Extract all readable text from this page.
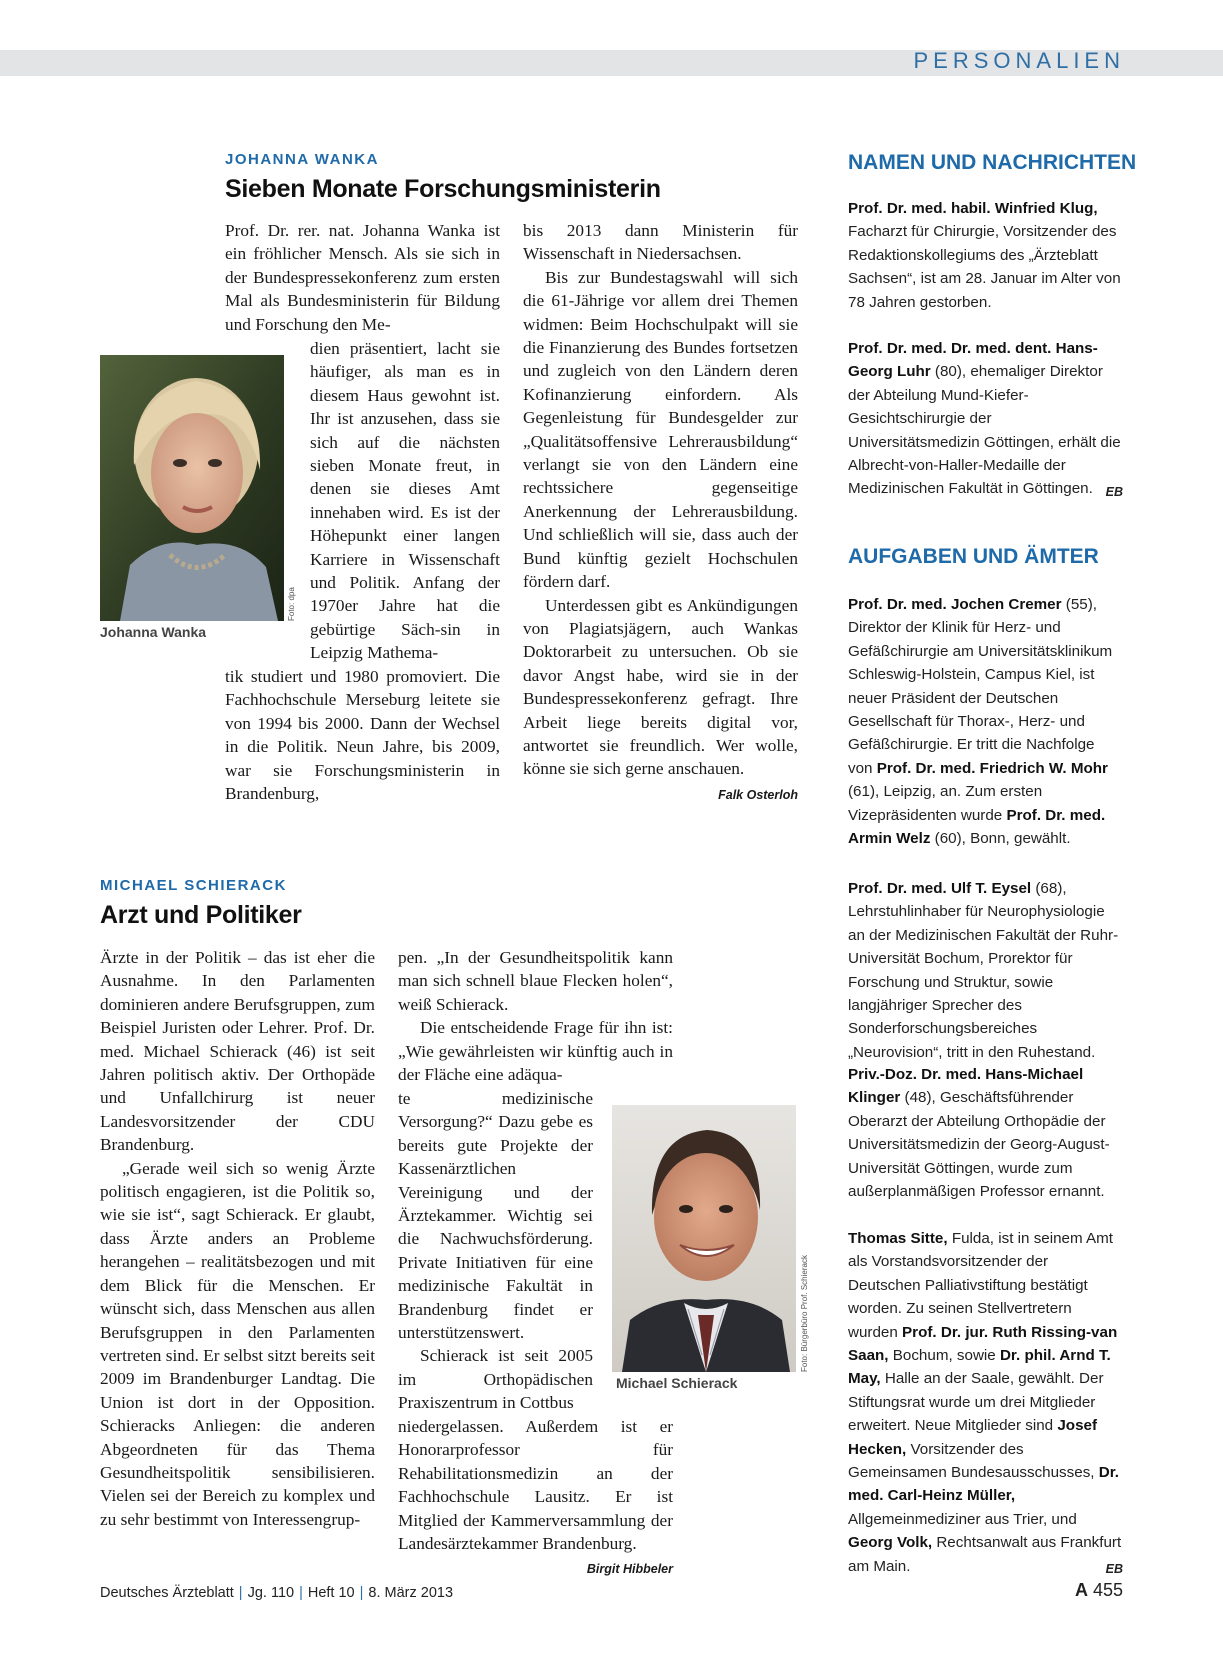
PERSONALIEN
JOHANNA WANKA
Sieben Monate Forschungsministerin
Foto: dpa
Johanna Wanka

Prof. Dr. rer. nat. Johanna Wanka ist ein fröhlicher Mensch. Als sie sich in der Bundespressekonferenz zum ersten Mal als Bundesministerin für Bildung und Forschung den Me-

dien präsentiert, lacht sie häufiger, als man es in diesem Haus gewohnt ist. Ihr ist anzusehen, dass sie sich auf die nächsten sieben Monate freut, in denen sie dieses Amt innehaben wird. Es ist der Höhepunkt einer langen Karriere in Wissenschaft und Politik. Anfang der 1970er Jahre hat die gebürtige Säch-sin in Leipzig Mathema-

tik studiert und 1980 promoviert. Die Fachhochschule Merseburg leitete sie von 1994 bis 2000. Dann der Wechsel in die Politik. Neun Jahre, bis 2009, war sie Forschungsministerin in Brandenburg,

bis 2013 dann Ministerin für Wissenschaft in Niedersachsen.

Bis zur Bundestagswahl will sich die 61-Jährige vor allem drei Themen widmen: Beim Hochschulpakt will sie die Finanzierung des Bundes fortsetzen und zugleich von den Ländern deren Kofinanzierung einfordern. Als Gegenleistung für Bundesgelder zur „Qualitätsoffensive Lehrerausbildung“ verlangt sie von den Ländern eine rechtssichere gegenseitige Anerkennung der Lehrerausbildung. Und schließlich will sie, dass auch der Bund künftig gezielt Hochschulen fördern darf.

Unterdessen gibt es Ankündigungen von Plagiatsjägern, auch Wankas Doktorarbeit zu untersuchen. Ob sie davor Angst habe, wird sie in der Bundespressekonferenz gefragt. Ihre Arbeit liege bereits digital vor, antwortet sie freundlich. Wer wolle, könne sie sich gerne anschauen.
Falk Osterloh

MICHAEL SCHIERACK
Arzt und Politiker

Ärzte in der Politik – das ist eher die Ausnahme. In den Parlamenten dominieren andere Berufsgruppen, zum Beispiel Juristen oder Lehrer. Prof. Dr. med. Michael Schierack (46) ist seit Jahren politisch aktiv. Der Orthopäde und Unfallchirurg ist neuer Landesvorsitzender der CDU Brandenburg.

„Gerade weil sich so wenig Ärzte politisch engagieren, ist die Politik so, wie sie ist“, sagt Schierack. Er glaubt, dass Ärzte anders an Probleme herangehen – realitätsbezogen und mit dem Blick für die Menschen. Er wünscht sich, dass Menschen aus allen Berufsgruppen in den Parlamenten vertreten sind. Er selbst sitzt bereits seit 2009 im Brandenburger Landtag. Die Union ist dort in der Opposition. Schieracks Anliegen: die anderen Abgeordneten für das Thema Gesundheitspolitik sensibilisieren. Vielen sei der Bereich zu komplex und zu sehr bestimmt von Interessengrup-

pen. „In der Gesundheitspolitik kann man sich schnell blaue Flecken holen“, weiß Schierack.

Die entscheidende Frage für ihn ist: „Wie gewährleisten wir künftig auch in der Fläche eine adäqua-

te medizinische Versorgung?“ Dazu gebe es bereits gute Projekte der Kassenärztlichen Vereinigung und der Ärztekammer. Wichtig sei die Nachwuchsförderung. Private Initiativen für eine medizinische Fakultät in Brandenburg findet er unterstützenswert.

Schierack ist seit 2005 im Orthopädischen Praxiszentrum in Cottbus

niedergelassen. Außerdem ist er Honorarprofessor für Rehabilitationsmedizin an der Fachhochschule Lausitz. Er ist Mitglied der Kammerversammlung der Landesärztekammer Brandenburg.
Birgit Hibbeler

Foto: Bürgerbüro Prof. Schierack
Michael Schierack
NAMEN UND NACHRICHTEN
Prof. Dr. med. habil. Winfried Klug, Facharzt für Chirurgie, Vorsitzender des Redaktionskollegiums des „Ärzteblatt Sachsen“, ist am 28. Januar im Alter von 78 Jahren gestorben.
Prof. Dr. med. Dr. med. dent. Hans-Georg Luhr (80), ehemaliger Direktor der Abteilung Mund-Kiefer-Gesichtschirurgie der Universitätsmedizin Göttingen, erhält die Albrecht-von-Haller-Medaille der Medizinischen Fakultät in Göttingen.	EB
AUFGABEN UND ÄMTER
Prof. Dr. med. Jochen Cremer (55), Direktor der Klinik für Herz- und Gefäßchirurgie am Universitätsklinikum Schleswig-Holstein, Campus Kiel, ist neuer Präsident der Deutschen Gesellschaft für Thorax-, Herz- und Gefäßchirurgie. Er tritt die Nachfolge von Prof. Dr. med. Friedrich W. Mohr (61), Leipzig, an. Zum ersten Vizepräsidenten wurde Prof. Dr. med. Armin Welz (60), Bonn, gewählt.
Prof. Dr. med. Ulf T. Eysel (68), Lehrstuhlinhaber für Neurophysiologie an der Medizinischen Fakultät der Ruhr-Universität Bochum, Prorektor für Forschung und Struktur, sowie langjähriger Sprecher des Sonderforschungsbereiches „Neurovision“, tritt in den Ruhestand.
Priv.-Doz. Dr. med. Hans-Michael Klinger (48), Geschäftsführender Oberarzt der Abteilung Orthopädie der Universitätsmedizin der Georg-August-Universität Göttingen, wurde zum außerplanmäßigen Professor ernannt.
Thomas Sitte, Fulda, ist in seinem Amt als Vorstandsvorsitzender der Deutschen Palliativstiftung bestätigt worden. Zu seinen Stellvertretern wurden Prof. Dr. jur. Ruth Rissing-van Saan, Bochum, sowie Dr. phil. Arnd T. May, Halle an der Saale, gewählt. Der Stiftungsrat wurde um drei Mitglieder erweitert. Neue Mitglieder sind Josef Hecken, Vorsitzender des Gemeinsamen Bundesausschusses, Dr. med. Carl-Heinz Müller, Allgemeinmediziner aus Trier, und Georg Volk, Rechtsanwalt aus Frankfurt am Main.	EB
Deutsches Ärzteblatt | Jg. 110 | Heft 10 | 8. März 2013	A 455
